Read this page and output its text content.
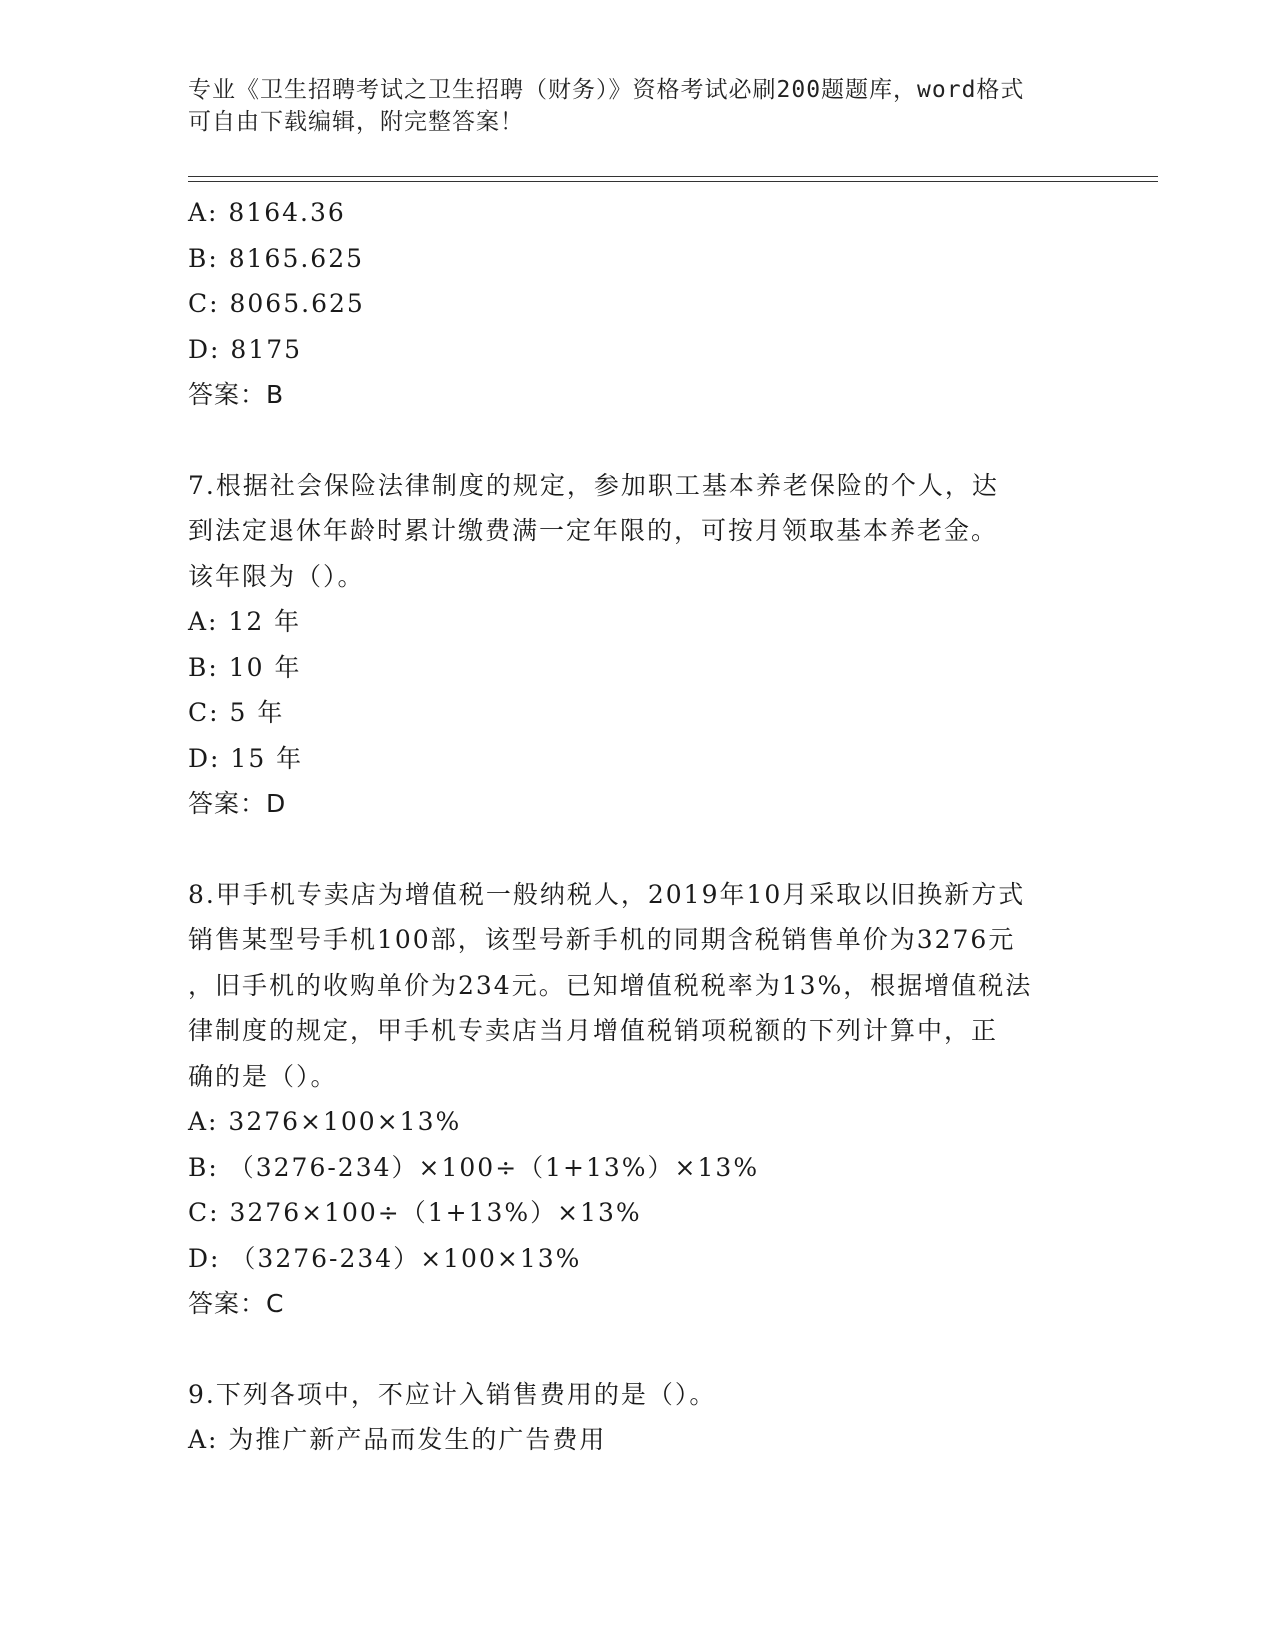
专业《卫生招聘考试之卫生招聘（财务）》资格考试必刷200题题库，word格式
可自由下载编辑，附完整答案！
A: 8164.36
B: 8165.625
C: 8065.625
D: 8175
答案：B
7.根据社会保险法律制度的规定，参加职工基本养老保险的个人，达
到法定退休年龄时累计缴费满一定年限的，可按月领取基本养老金。
该年限为（）。
A: 12 年
B: 10 年
C: 5 年
D: 15 年
答案：D
8.甲手机专卖店为增值税一般纳税人，2019年10月采取以旧换新方式
销售某型号手机100部，该型号新手机的同期含税销售单价为3276元
，旧手机的收购单价为234元。已知增值税税率为13%，根据增值税法
律制度的规定，甲手机专卖店当月增值税销项税额的下列计算中，正
确的是（）。
A: 3276×100×13%
B: （3276-234）×100÷（1+13%）×13%
C: 3276×100÷（1+13%）×13%
D: （3276-234）×100×13%
答案：C
9.下列各项中，不应计入销售费用的是（）。
A: 为推广新产品而发生的广告费用
